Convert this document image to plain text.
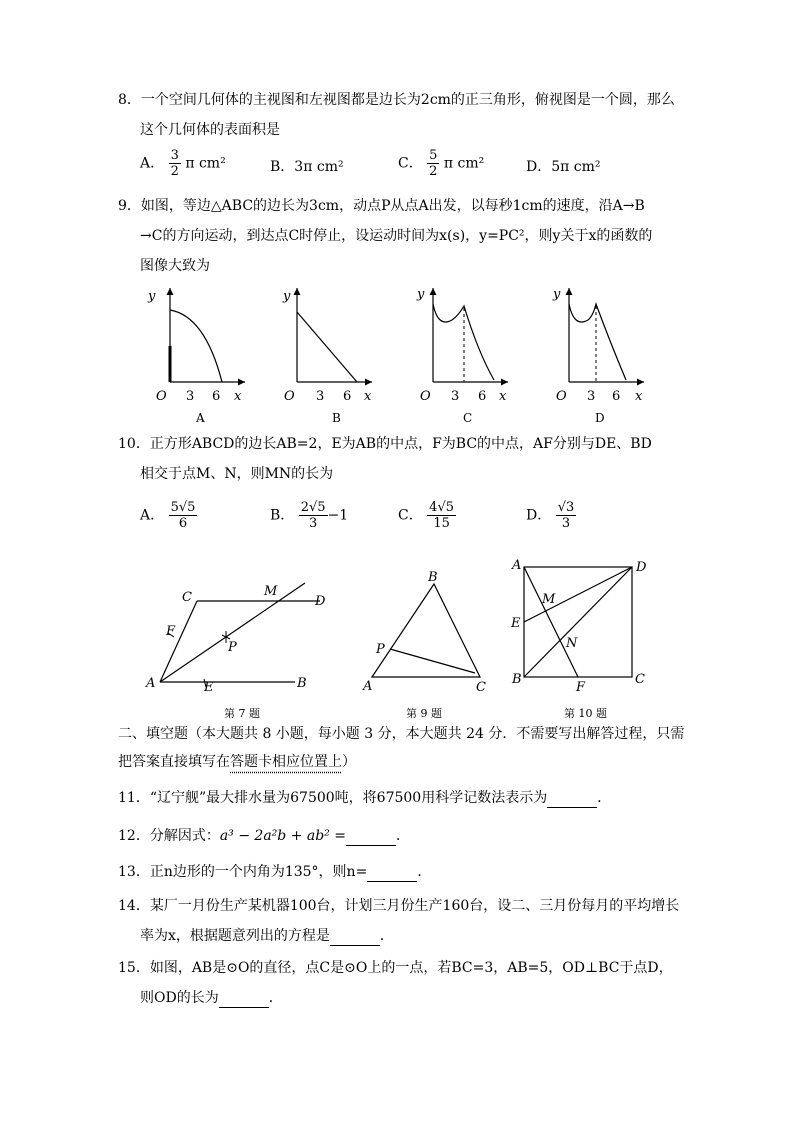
8．一个空间几何体的主视图和左视图都是边长为2cm的正三角形，俯视图是一个圆，那么
这个几何体的表面积是
A． $\frac{3}{2}$ π cm²	B．3π cm²	C． $\frac{5}{2}$ π cm²	D．5π cm²
9．如图，等边△ABC的边长为3cm，动点P从点A出发，以每秒1cm的速度，沿A→B
→C的方向运动，到达点C时停止，设运动时间为x(s)，y=PC²，则y关于x的函数的
图像大致为
y
O 3 6 x
A
y
O 3 6 x
B
y
O 3 6 x
C
y
O 3 6 x
D
10．正方形ABCD的边长AB=2，E为AB的中点，F为BC的中点，AF分别与DE、BD
相交于点M、N，则MN的长为
A． $\frac{5√5}{6}$	B． $\frac{2√5}{3} -1$	C． $\frac{4√5}{15}$	D． $\frac{√3}{3}$
C	M
D
F
P
A	E	B
第 7 题
B
P
A	C
第 9 题
A	D
M
E
N
B
F
C
第 10 题
二、填空题（本大题共 8 小题，每小题 3 分，本大题共 24 分．不需要写出解答过程，只需
把答案直接填写在答题卡相应位置上）
11．“辽宁舰”最大排水量为67500吨，将67500用科学记数法表示为	．
12．分解因式：a³ − 2a²b + ab² =	．
13．正n边形的一个内角为135°，则n=	．
14．某厂一月份生产某机器100台，计划三月份生产160台，设二、三月份每月的平均增长
率为x，根据题意列出的方程是	．
15．如图，AB是⊙O的直径，点C是⊙O上的一点，若BC=3，AB=5，OD⊥BC于点D，
则OD的长为	．
